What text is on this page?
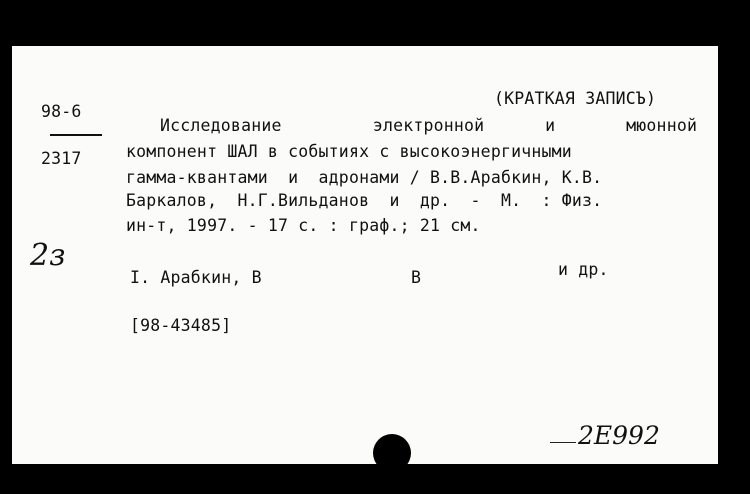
98-6
2317
(КРАТКАЯ ЗАПИСЪ)
Исследование         электронной      и       мюонной
компонент ШАЛ в событиях с высокоэнергичными
гамма-квантами  и  адронами / В.В.Арабкин, К.В.
Баркалов,  Н.Г.Вильданов  и  др.  -  М.  : Физ.
ин-т, 1997. - 17 с. : граф.; 21 см.
2з
I. Арабкин, В	В	и др.
[98-43485]
2Е992
